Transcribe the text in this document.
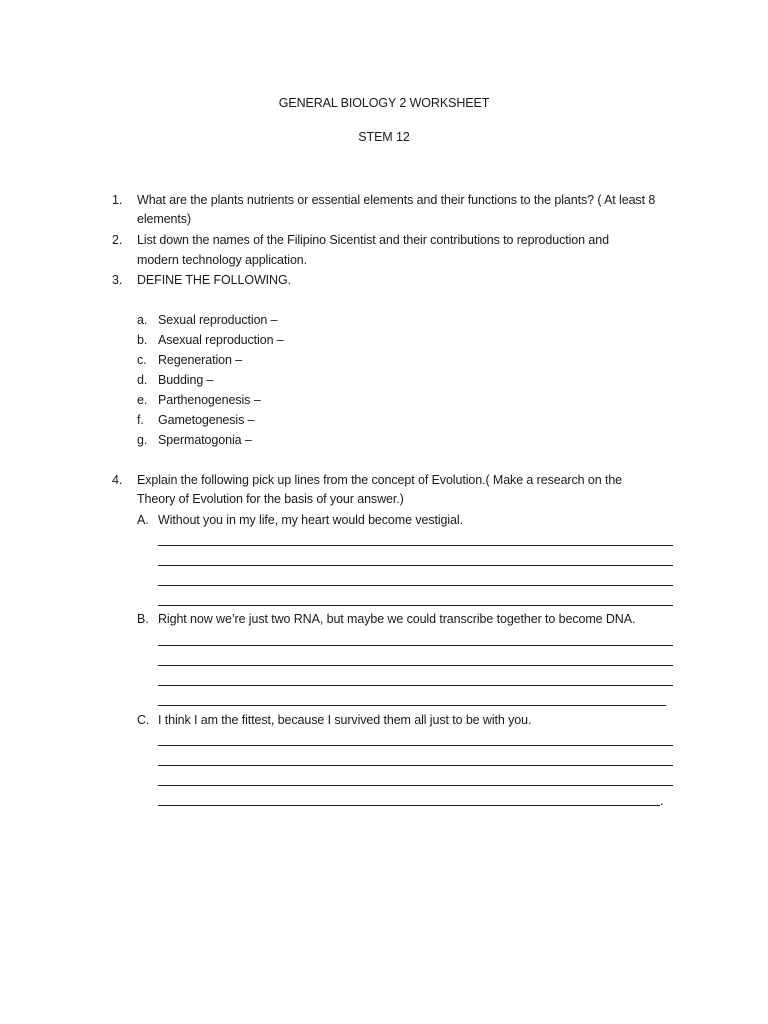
GENERAL BIOLOGY 2 WORKSHEET
STEM 12
1. What are the plants nutrients or essential elements and their functions to the plants? ( At least 8
elements)
2. List down the names of the Filipino Sicentist and their contributions to reproduction and
modern technology application.
3. DEFINE THE FOLLOWING.
a. Sexual reproduction –
b. Asexual reproduction –
c. Regeneration –
d. Budding –
e. Parthenogenesis –
f. Gametogenesis –
g. Spermatogonia –
4. Explain the following pick up lines from the concept of Evolution.( Make a research on the
Theory of Evolution for the basis of your answer.)
A. Without you in my life, my heart would become vestigial.
B. Right now we’re just two RNA, but maybe we could transcribe together to become DNA.
C. I think I am the fittest, because I survived them all just to be with you.
.
